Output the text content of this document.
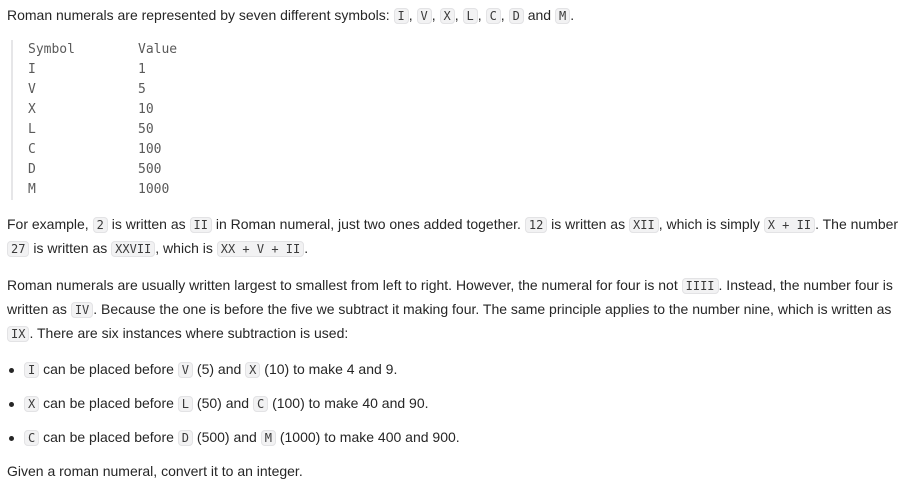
Roman numerals are represented by seven different symbols: I , V , X , L , C , D and M .

Symbol	Value
I	1
V	5
X	10
L	50
C	100
D	500
M	1000

For example, 2 is written as II in Roman numeral, just two ones added together. 12 is written as XII , which is simply X + II . The number 27 is written as XXVII , which is XX + V + II .

Roman numerals are usually written largest to smallest from left to right. However, the numeral for four is not IIII . Instead, the number four is written as IV . Because the one is before the five we subtract it making four. The same principle applies to the number nine, which is written as IX . There are six instances where subtraction is used:

I can be placed before V (5) and X (10) to make 4 and 9.
X can be placed before L (50) and C (100) to make 40 and 90.
C can be placed before D (500) and M (1000) to make 400 and 900.

Given a roman numeral, convert it to an integer.
